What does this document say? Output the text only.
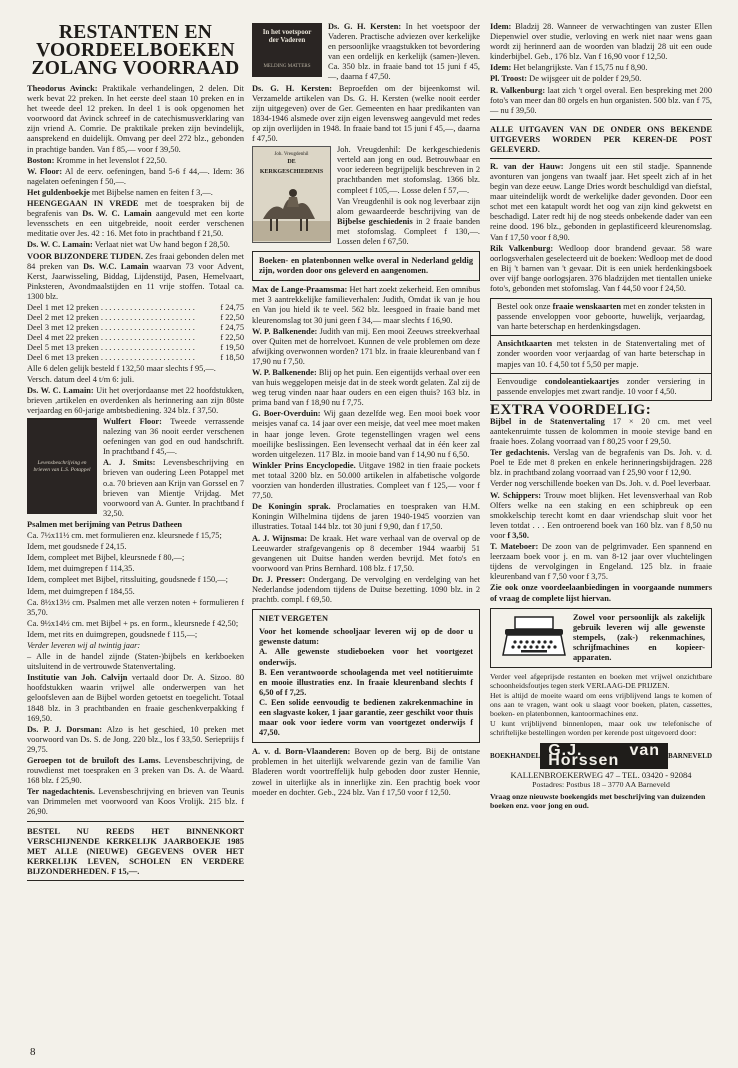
RESTANTEN EN
VOORDEELBOEKEN
ZOLANG VOORRAAD

Theodorus Avinck: Praktikale verhandelingen, 2 delen. Dit werk bevat 22 preken. In het eerste deel staan 10 preken en in het tweede deel 12 preken. In deel 1 is ook opgenomen het voorwoord dat Avinck schreef in de catechismusverklaring van zijn vriend A. Comrie. De praktikale preken zijn bevindelijk, aansprekend en duidelijk. Omvang per deel 272 blz., gebonden in prachtige banden. Van f 85,— voor f 39,50.

Boston: Kromme in het levenslot f 22,50.

W. Floor: Al de eerv. oefeningen, band 5-6 f 44,—. Idem: 36 nagelaten oefeningen f 50,—.

Het guldenboekje met Bijbelse namen en feiten f 3,—.

HEENGEGAAN IN VREDE met de toespraken bij de begrafenis van Ds. W. C. Lamain aangevuld met een korte levensschets en een uitgebreide, nooit eerder verschenen meditatie over Jes. 42 : 16. Met foto in prachtband f 21,50.

Ds. W. C. Lamain: Verlaat niet wat Uw hand begon f 28,50.

VOOR BIJZONDERE TIJDEN. Zes fraai gebonden delen met 84 preken van Ds. W.C. Lamain waarvan 73 voor Advent, Kerst, Jaarwisseling, Biddag, Lijdenstijd, Pasen, Hemelvaart, Pinksteren, Avondmaalstijden en 11 vrije stoffen. Totaal ca. 1300 blz.

Deel 1 met 12 preken . . .	f 24,75
Deel 2 met 12 preken . . .	f 22,50
Deel 3 met 12 preken . . .	f 24,75
Deel 4 met 22 preken . . .	f 22,50
Deel 5 met 13 preken . . .	f 19,50
Deel 6 met 13 preken . . .	f 18,50

Alle 6 delen gelijk besteld f 132,50 maar slechts f 95,—.

Versch. datum deel 4 t/m 6: juli.

Ds. W. C. Lamain: Uit het overjordaanse met 22 hoofdstukken, brieven ,artikelen en overdenken als herinnering aan zijn 80ste verjaardag en 60-jarige ambtsbediening. 324 blz. f 37,50.

Levensbeschrijving en brieven van L.S. Potappel

Wulfert Floor: Tweede verrassende nalezing van 36 nooit eerder verschenen oefeningen van god en oud handschrift. In prachtband f 45,—.

A. J. Smits: Levensbeschrijving en brieven van oudering Leen Potappel met o.a. 70 brieven aan Krijn van Gorssel en 7 brieven van Mientje Vrijdag. Met voorwoord van A. Gunter. In prachtband f 32,50.

Psalmen met berijming van Petrus Datheen

Ca. 7½x11½ cm. met formulieren enz. kleursnede f 15,75;

Idem, met goudsnede f 24,15.

Idem, compleet met Bijbel, kleursnede f 80,—;

Idem, met duimgrepen f 114,35.

Idem, compleet met Bijbel, ritssluiting, goudsnede f 150,—;

Idem, met duimgrepen f 184,55.

Ca. 8½x13½ cm. Psalmen met alle verzen noten + formulieren f 35,70.

Ca. 9½x14½ cm. met Bijbel + ps. en form., kleursnede f 42,50;

Idem, met rits en duimgrepen, goudsnede f 115,—;

Verder leveren wij al twintig jaar:

– Alle in de handel zijnde (Staten-)bijbels en kerkboeken uitsluitend in de vertrouwde Statenvertaling.

Institutie van Joh. Calvijn vertaald door Dr. A. Sizoo. 80 hoofdstukken waarin vrijwel alle onderwerpen van het geloofsleven aan de Bijbel worden getoetst en toegelicht. Totaal 1848 blz. in 3 prachtbanden en fraaie geschenkverpakking f 169,50.

Ds. P. J. Dorsman: Alzo is het geschied, 10 preken met voorwoord van Ds. S. de Jong. 220 blz., los f 33,50. Seriepriijs f 29,75.

Geroepen tot de bruiloft des Lams. Levensbeschrijving, de rouwdienst met toespraken en 3 preken van Ds. A. de Waard. 168 blz. f 25,90.

Ter nagedachtenis. Levensbeschrijving en brieven van Teunis van Drimmelen met voorwoord van Koos Vrolijk. 215 blz. f 26,90.

BESTEL NU REEDS HET BINNENKORT VERSCHIJNENDE KERKELIJK JAARBOEKJE 1985 MET ALLE (NIEUWE) GEGEVENS OVER HET KERKELIJK LEVEN, SCHOLEN EN VERDERE BIJZONDERHEDEN. F 15,—.

In het voetspoor der Vaderen
MELDING MATTERS

Ds. G. H. Kersten: In het voetspoor der Vaderen. Practische adviezen over kerkelijke en persoonlijke vraagstukken tot bevordering van een ordelijk en kerkelijk (samen-)leven. Ca. 350 blz. in fraaie band tot 15 juni f 45,—, daarna f 47,50.

Ds. G. H. Kersten: Beproefden om der bijeenkomst wil. Verzamelde artikelen van Ds. G. H. Kersten (welke nooit eerder zijn uitgegeven) over de Ger. Gemeenten en haar predikanten van 1834-1946 alsmede over zijn eigen levensweg aangevuld met redes op zijn overlijden in 1948. In fraaie band tot 15 juni f 45,—, daarna f 47,50.

Joh. Vreugdenhil
DE KERKGESCHIEDENIS

Joh. Vreugdenhil: De kerkgeschiedenis verteld aan jong en oud. Betrouwbaar en voor iedereen begrijpelijk beschreven in 2 prachtbanden met stofomslag. 1366 blz. compleet f 105,—. Losse delen f 57,—.

Van Vreugdenhil is ook nog leverbaar zijn alom gewaardeerde beschrijving van de Bijbelse geschiedenis in 2 fraaie banden met stofomslag. Compleet f 130,—. Lossen delen f 67,50.

Boeken- en platenbonnen welke overal in Nederland geldig zijn, worden door ons geleverd en aangenomen.

Max de Lange-Praamsma: Het hart zoekt zekerheid. Een omnibus met 3 aantrekkelijke familieverhalen: Judith, Omdat ik van je hou en Van jou hield ik te veel. 562 blz. leesgoed in fraaie band met kleurenomslag tot 30 juni geen f 34,— maar slechts f 16,90.

W. P. Balkenende: Judith van mij. Een mooi Zeeuws streekverhaal over Quiten met de horrelvoet. Kunnen de vele problemen om deze afwijking overwonnen worden? 171 blz. in fraaie kleurenband van f 17,90 nu f 7,50.

W. P. Balkenende: Blij op het puin. Een eigentijds verhaal over een van huis weggelopen meisje dat in de steek wordt gelaten. Zal zij de weg terug vinden naar haar ouders en een eigen thuis? 163 blz. in prima band van f 18,90 nu f 7,75.

G. Boer-Overduin: Wij gaan dezelfde weg. Een mooi boek voor meisjes vanaf ca. 14 jaar over een meisje, dat veel mee moet maken in haar jonge leven. Grote tegenstellingen vragen wel eens moeilijke beslissingen. Een levensecht verhaal dat in één keer zal worden uitgelezen. 117 Blz. in mooie band van f 14,90 nu f 6,50.

Winkler Prins Encyclopedie. Uitgave 1982 in tien fraaie pockets met totaal 3200 blz. en 50.000 artikelen in alfabetische volgorde voorzien van honderden illustraties. Compleet van f 125,— voor f 77,50.

De Koningin sprak. Proclamaties en toespraken van H.M. Koningin Wilhelmina tijdens de jaren 1940-1945 voorzien van illustraties. Totaal 144 blz. tot 30 juni f 9,90, dan f 17,50.

A. J. Wijnsma: De kraak. Het ware verhaal van de overval op de Leeuwarder strafgevangenis op 8 december 1944 waarbij 51 gevangenen uit Duitse handen werden bevrijd. Met foto's en voorwoord van Prins Bernhard. 108 blz. f 17,50.

Dr. J. Presser: Ondergang. De vervolging en verdelging van het Nederlandse jodendom tijdens de Duitse bezetting. 1090 blz. in 2 prachtb. compl. f 69,50.

NIET VERGETEN
Voor het komende schooljaar leveren wij op de door u gewenste datum:
A. Alle gewenste studieboeken voor het voortgezet onderwijs.
B. Een verantwoorde schoolagenda met veel notitieruimte en mooie illustraties enz. In fraaie kleurenband slechts f 6,50 of f 7,25.
C. Een solide eenvoudig te bedienen zakrekenmachine in een slagvaste koker, 1 jaar garantie, zeer geschikt voor thuis maar ook voor iedere vorm van voortgezet onderwijs f 47,50.

A. v. d. Born-Vlaanderen: Boven op de berg. Bij de ontstane problemen in het uiterlijk welvarende gezin van de familie Van Bladeren wordt voortreffelijk hulp geboden door zuster Hennie, zowel in uiterlijke als in innerlijke zin. Een prachtig boek voor moeder en dochter. Geb., 224 blz. Van f 17,50 voor f 12,50.

Idem: Bladzij 28. Wanneer de verwachtingen van zuster Ellen Diepenwiel over studie, verloving en werk niet naar wens gaan wordt zij herinnerd aan de woorden van bladzij 28 uit een oude kinderbijbel. Geb., 176 blz. Van f 16,90 voor f 12,50.

Idem: Het belangrijkste. Van f 15,75 nu f 8,90.

Pl. Troost: De wijsgeer uit de polder f 29,50.

R. Valkenburg: laat zich 't orgel overal. Een bespreking met 200 foto's van meer dan 80 orgels en hun organisten. 500 blz. van f 75,— nu f 39,50.

ALLE UITGAVEN VAN DE ONDER ONS BEKENDE UITGEVERS WORDEN PER KEREN-DE POST GELEVERD.

R. van der Hauw: Jongens uit een stil stadje. Spannende avonturen van jongens van twaalf jaar. Het speelt zich af in het begin van deze eeuw. Lange Dries wordt beschuldigd van diefstal, maar uiteindelijk wordt de werkelijke dader gevonden. Door een schot met een katapult wordt het oog van zijn kind gekwetst en beschadigd. Later redt hij de nog steeds onbekende dader van een reine dood. 196 blz., gebonden in geplastificeerd kleurenomslag. Van f 17,50 voor f 8,90.

Rik Valkenburg: Wedloop door brandend gevaar. 58 ware oorlogsverhalen geselecteerd uit de boeken: Wedloop met de dood en Bij 't barnen van 't gevaar. Dit is een uniek herdenkingsboek over vijf bange oorlogsjaren. 376 bladzijden met tientallen unieke foto's, gebonden met stofomslag. Van f 44,50 voor f 24,50.

Bestel ook onze fraaie wenskaarten met en zonder teksten in passende enveloppen voor geboorte, huwelijk, verjaardag, van harte beterschap en herdenkingsdagen.
Ansichtkaarten met teksten in de Statenvertaling met of zonder woorden voor verjaardag of van harte beterschap in mapjes van 10. f 4,50 tot f 5,50 per mapje.
Eenvoudige condoleantiekaartjes zonder versiering in passende envelopjes met zwart randje. 10 voor f 4,50.
EXTRA VOORDELIG:

Bijbel in de Statenvertaling 17 × 20 cm. met veel aantekenruimte tussen de kolommen in mooie stevige band en fraaie hoes. Zolang voorraad van f 80,25 voor f 29,50.

Ter gedachtenis. Verslag van de begrafenis van Ds. Joh. v. d. Poel te Ede met 8 preken en enkele herinneringsbijdragen. 228 blz. in prachtband zolang voorraad van f 25,90 voor f 12,90.

Verder nog verschillende boeken van Ds. Joh. v. d. Poel leverbaar.

W. Schippers: Trouw moet blijken. Het levensverhaal van Rob Olfers welke na een staking en een schipbreuk op een smokkelschip terecht komt en daar vriendschap sluit voor het leven totdat . . . Een ontroerend boek van 160 blz. van f 8,50 nu voor f 3,50.

T. Mateboer: De zoon van de pelgrimvader. Een spannend en leerzaam boek voor j. en m. van 8-12 jaar over vluchtelingen tijdens de vervolgingen in Engeland. 125 blz. in fraaie kleurenband van f 7,50 voor f 3,75.

Zie ook onze voordeelaanbiedingen in voorgaande nummers of vraag de complete lijst hiervan.

Zowel voor persoonlijk als zakelijk gebruik leveren wij alle gewenste stempels, (zak-) rekenmachines, schrijfmachines en kopieer-apparaten.

Verder veel afgeprijsde restanten en boeken met vrijwel onzichtbare schoonheidsfoutjes tegen sterk VERLAAG-DE PRIJZEN.

Het is altijd de moeite waard om eens vrijblijvend langs te komen of ons aan te vragen, want ook u slaagt voor boeken, platen, cassettes, boeken- en platenbonnen, kantoormachines enz.

U kunt vrijblijvend binnenlopen, maar ook uw telefonische of schriftelijke bestellingen worden per kerende post uitgevoerd door:

BOEKHANDEL G.J. van Horssen	BARNEVELD
KALLENBROEKERWEG 47 – TEL. 03420 - 92084
Postadres: Postbus 18 – 3770 AA Barneveld
Vraag onze nieuwste boekengids met beschrijving van duizenden boeken enz. voor jong en oud.
8
